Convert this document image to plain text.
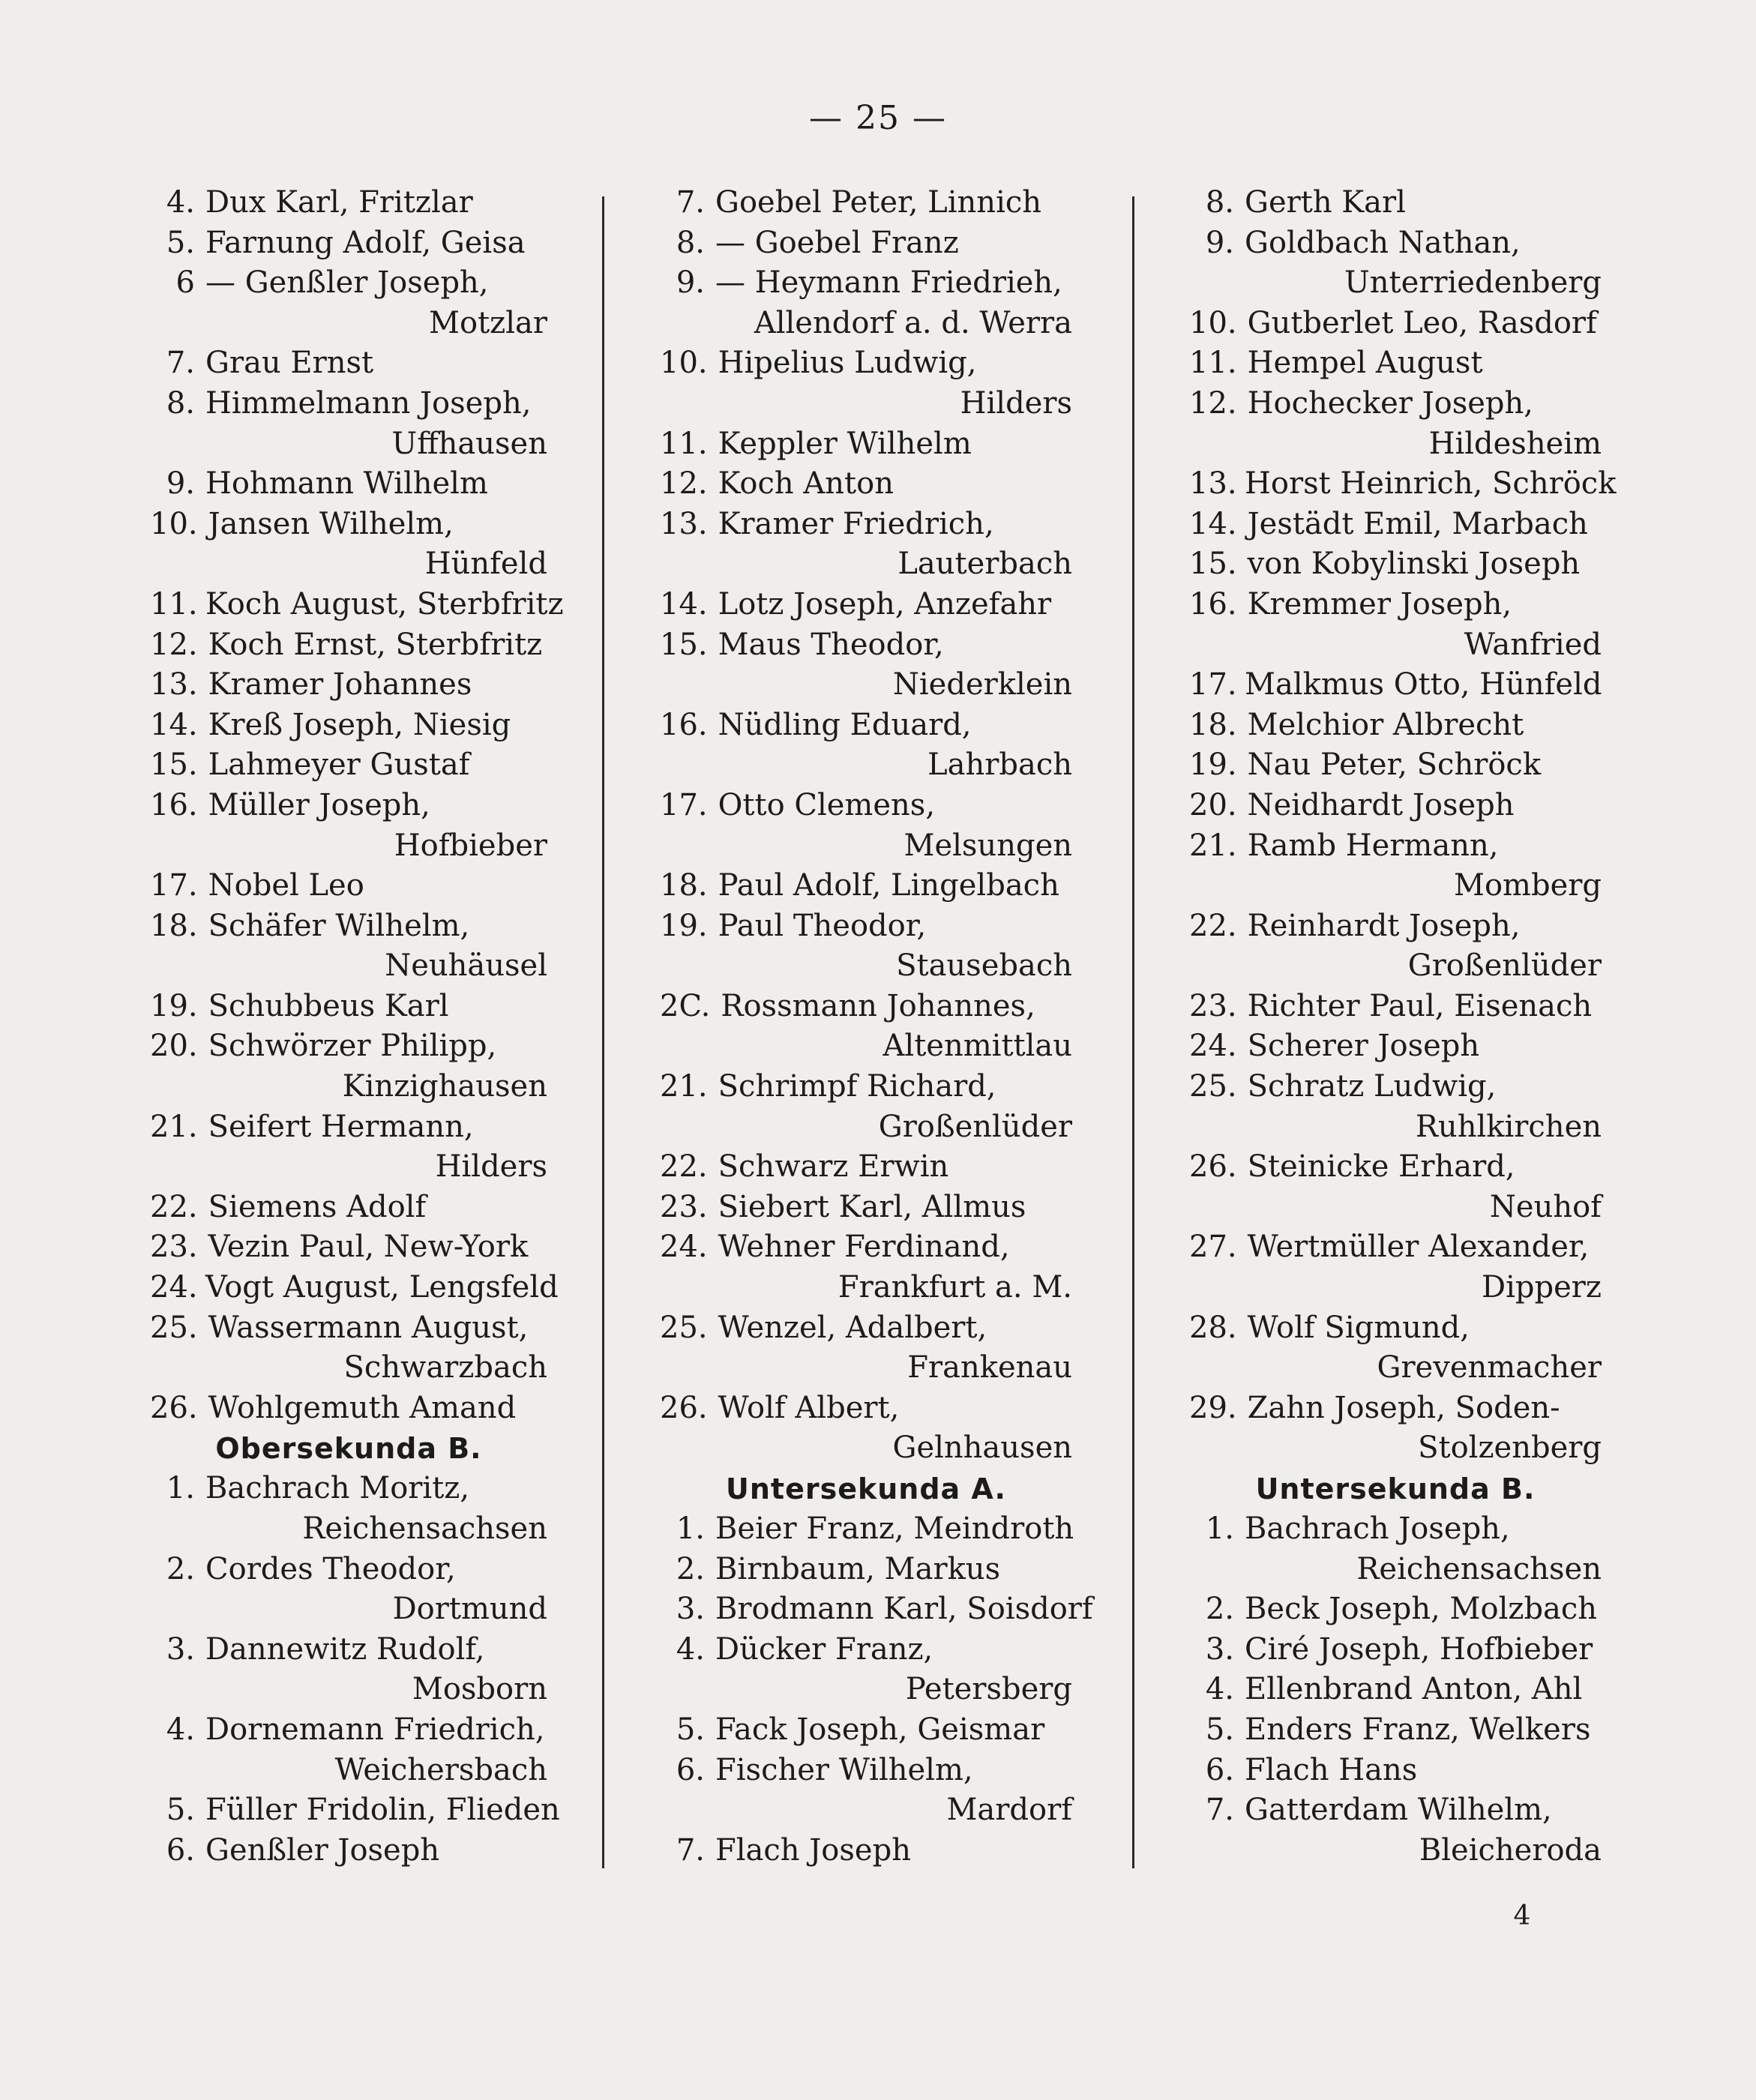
— 25 —
4. Dux Karl, Fritzlar
5. Farnung Adolf, Geisa
6 — Genßler Joseph,
Motzlar
7. Grau Ernst
8. Himmelmann Joseph,
Uffhausen
9. Hohmann Wilhelm
10. Jansen Wilhelm,
Hünfeld
11. Koch August, Sterbfritz
12. Koch Ernst, Sterbfritz
13. Kramer Johannes
14. Kreß Joseph, Niesig
15. Lahmeyer Gustaf
16. Müller Joseph,
Hofbieber
17. Nobel Leo
18. Schäfer Wilhelm,
Neuhäusel
19. Schubbeus Karl
20. Schwörzer Philipp,
Kinzighausen
21. Seifert Hermann,
Hilders
22. Siemens Adolf
23. Vezin Paul, New-York
24. Vogt August, Lengsfeld
25. Wassermann August,
Schwarzbach
26. Wohlgemuth Amand
Obersekunda B.
1. Bachrach Moritz,
Reichensachsen
2. Cordes Theodor,
Dortmund
3. Dannewitz Rudolf,
Mosborn
4. Dornemann Friedrich,
Weichersbach
5. Füller Fridolin, Flieden
6. Genßler Joseph
7. Goebel Peter, Linnich
8. — Goebel Franz
9. — Heymann Friedrieh,
Allendorf a. d. Werra
10. Hipelius Ludwig,
Hilders
11. Keppler Wilhelm
12. Koch Anton
13. Kramer Friedrich,
Lauterbach
14. Lotz Joseph, Anzefahr
15. Maus Theodor,
Niederklein
16. Nüdling Eduard,
Lahrbach
17. Otto Clemens,
Melsungen
18. Paul Adolf, Lingelbach
19. Paul Theodor,
Stausebach
2C. Rossmann Johannes,
Altenmittlau
21. Schrimpf Richard,
Großenlüder
22. Schwarz Erwin
23. Siebert Karl, Allmus
24. Wehner Ferdinand,
Frankfurt a. M.
25. Wenzel, Adalbert,
Frankenau
26. Wolf Albert,
Gelnhausen
Untersekunda A.
1. Beier Franz, Meindroth
2. Birnbaum, Markus
3. Brodmann Karl, Soisdorf
4. Dücker Franz,
Petersberg
5. Fack Joseph, Geismar
6. Fischer Wilhelm,
Mardorf
7. Flach Joseph
8. Gerth Karl
9. Goldbach Nathan,
Unterriedenberg
10. Gutberlet Leo, Rasdorf
11. Hempel August
12. Hochecker Joseph,
Hildesheim
13. Horst Heinrich, Schröck
14. Jestädt Emil, Marbach
15. von Kobylinski Joseph
16. Kremmer Joseph,
Wanfried
17. Malkmus Otto, Hünfeld
18. Melchior Albrecht
19. Nau Peter, Schröck
20. Neidhardt Joseph
21. Ramb Hermann,
Momberg
22. Reinhardt Joseph,
Großenlüder
23. Richter Paul, Eisenach
24. Scherer Joseph
25. Schratz Ludwig,
Ruhlkirchen
26. Steinicke Erhard,
Neuhof
27. Wertmüller Alexander,
Dipperz
28. Wolf Sigmund,
Grevenmacher
29. Zahn Joseph, Soden-
Stolzenberg
Untersekunda B.
1. Bachrach Joseph,
Reichensachsen
2. Beck Joseph, Molzbach
3. Ciré Joseph, Hofbieber
4. Ellenbrand Anton, Ahl
5. Enders Franz, Welkers
6. Flach Hans
7. Gatterdam Wilhelm,
Bleicheroda
4
